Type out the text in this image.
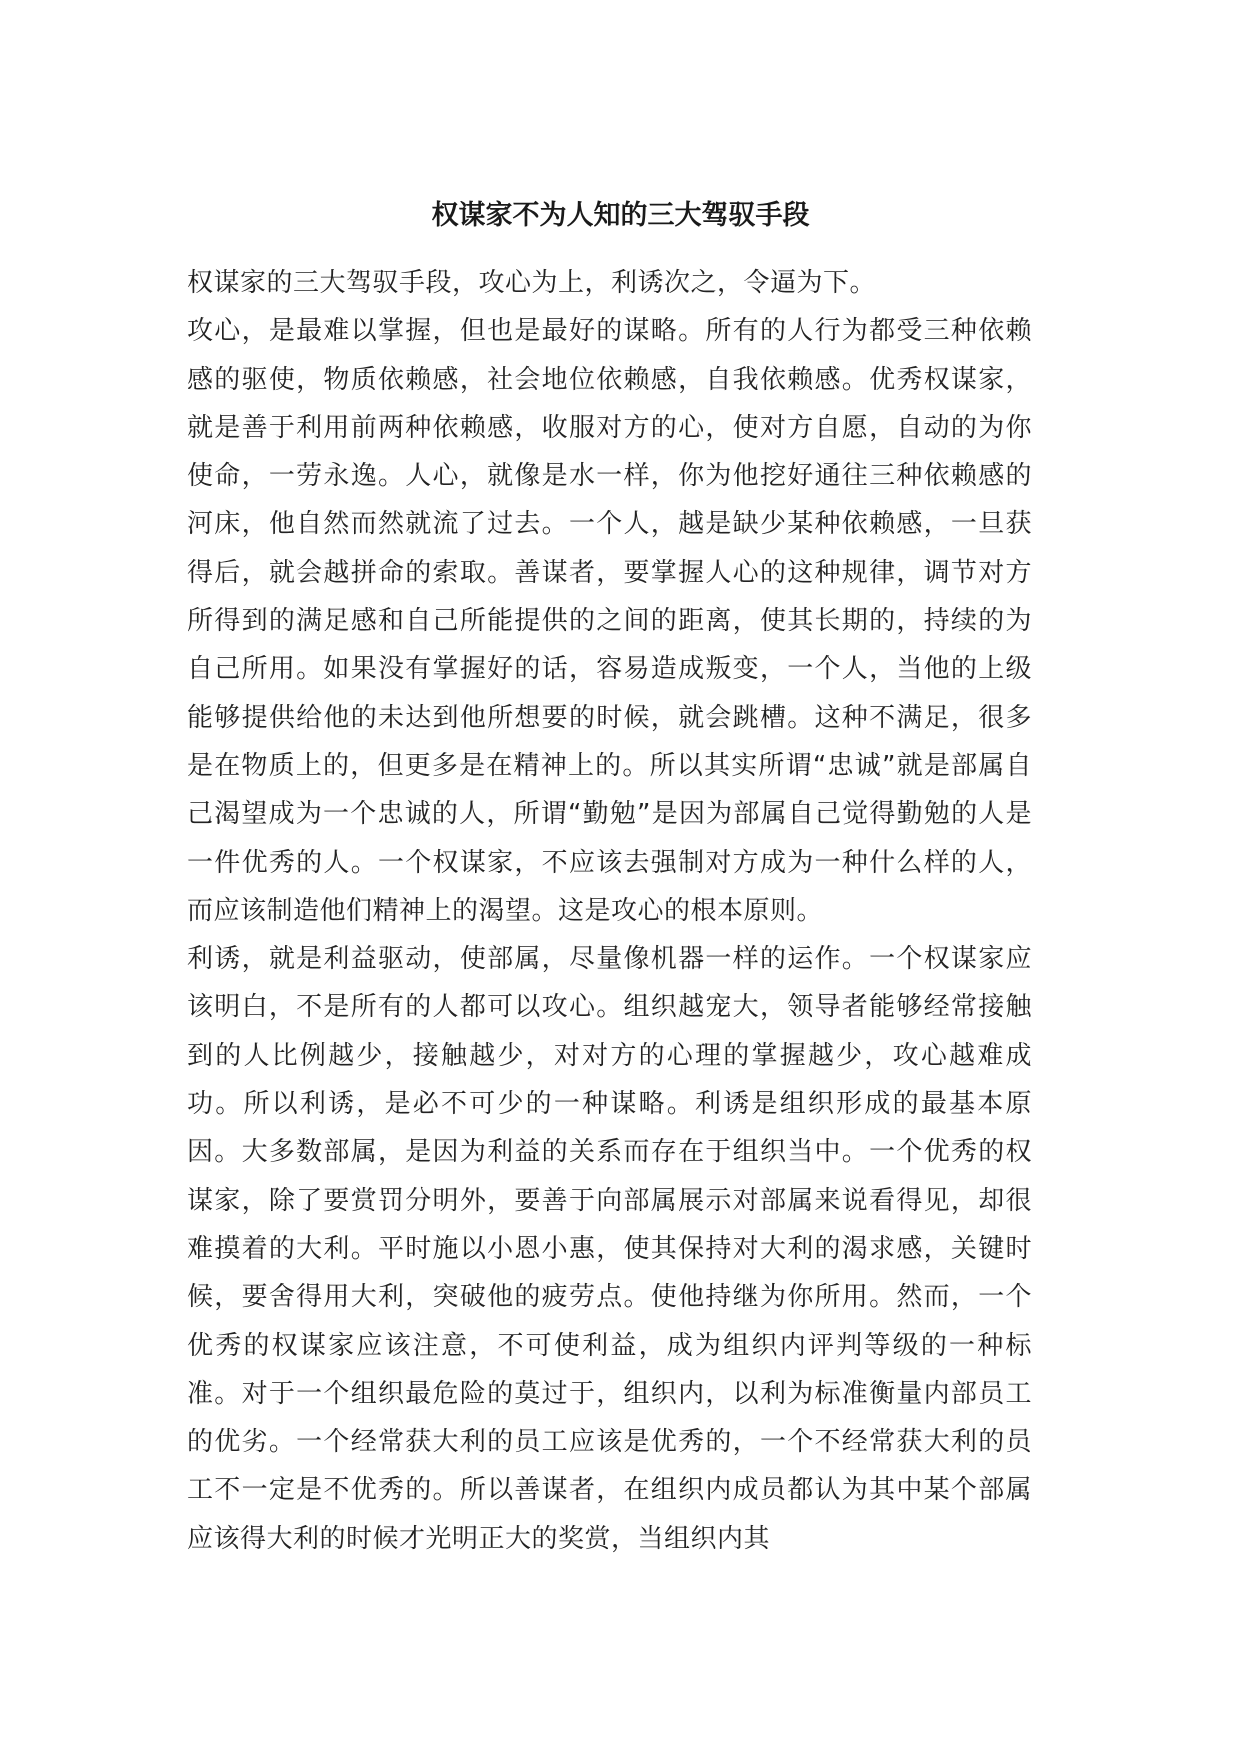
权谋家不为人知的三大驾驭手段

权谋家的三大驾驭手段，攻心为上，利诱次之，令逼为下。

攻心，是最难以掌握，但也是最好的谋略。所有的人行为都受三种依赖感的驱使，物质依赖感，社会地位依赖感，自我依赖感。优秀权谋家，就是善于利用前两种依赖感，收服对方的心，使对方自愿，自动的为你使命，一劳永逸。人心，就像是水一样，你为他挖好通往三种依赖感的河床，他自然而然就流了过去。一个人，越是缺少某种依赖感，一旦获得后，就会越拼命的索取。善谋者，要掌握人心的这种规律，调节对方所得到的满足感和自己所能提供的之间的距离，使其长期的，持续的为自己所用。如果没有掌握好的话，容易造成叛变，一个人，当他的上级能够提供给他的未达到他所想要的时候，就会跳槽。这种不满足，很多是在物质上的，但更多是在精神上的。所以其实所谓“忠诚”就是部属自己渴望成为一个忠诚的人，所谓“勤勉”是因为部属自己觉得勤勉的人是一件优秀的人。一个权谋家，不应该去强制对方成为一种什么样的人，而应该制造他们精神上的渴望。这是攻心的根本原则。

利诱，就是利益驱动，使部属，尽量像机器一样的运作。一个权谋家应该明白，不是所有的人都可以攻心。组织越宠大，领导者能够经常接触到的人比例越少，接触越少，对对方的心理的掌握越少，攻心越难成功。所以利诱，是必不可少的一种谋略。利诱是组织形成的最基本原因。大多数部属，是因为利益的关系而存在于组织当中。一个优秀的权谋家，除了要赏罚分明外，要善于向部属展示对部属来说看得见，却很难摸着的大利。平时施以小恩小惠，使其保持对大利的渴求感，关键时候，要舍得用大利，突破他的疲劳点。使他持继为你所用。然而，一个优秀的权谋家应该注意，不可使利益，成为组织内评判等级的一种标准。对于一个组织最危险的莫过于，组织内，以利为标准衡量内部员工的优劣。一个经常获大利的员工应该是优秀的，一个不经常获大利的员工不一定是不优秀的。所以善谋者，在组织内成员都认为其中某个部属应该得大利的时候才光明正大的奖赏，当组织内其
